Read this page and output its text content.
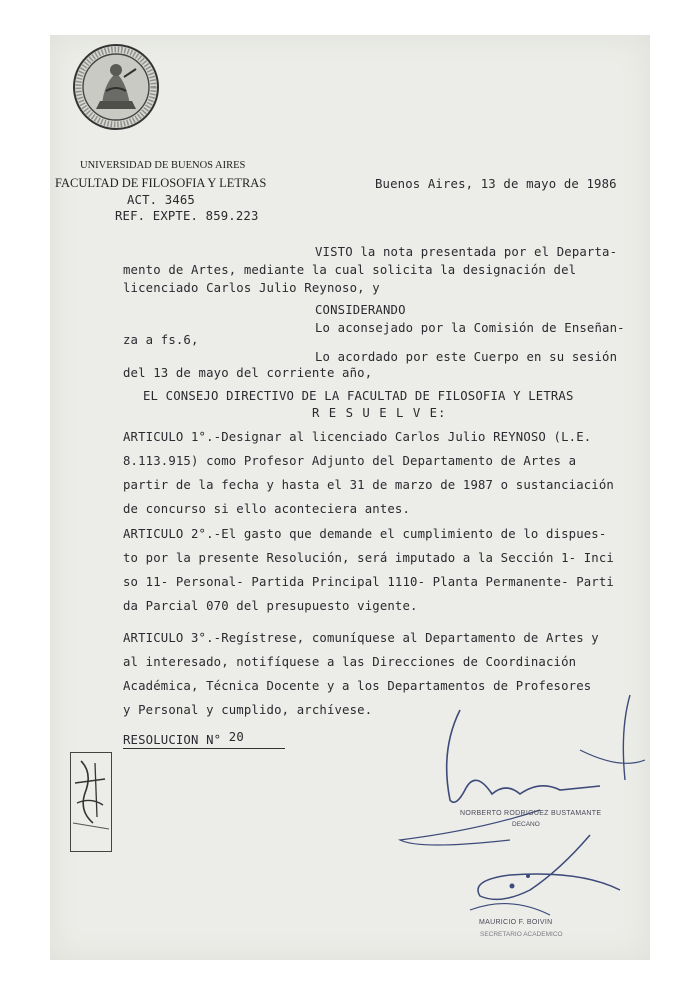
UNIVERSIDAD DE BUENOS AIRES
FACULTAD DE FILOSOFIA Y LETRAS
ACT. 3465
REF. EXPTE. 859.223
Buenos Aires, 13 de mayo de 1986
VISTO la nota presentada por el Departa-
mento de Artes, mediante la cual solicita la designación del
licenciado Carlos Julio Reynoso, y
CONSIDERANDO
Lo aconsejado por la Comisión de Enseñan-
za a fs.6,
Lo acordado por este Cuerpo en su sesión
del 13 de mayo del corriente año,
EL CONSEJO DIRECTIVO DE LA FACULTAD DE FILOSOFIA Y LETRAS
R E S U E L V E:
ARTICULO 1°.-Designar al licenciado Carlos Julio REYNOSO (L.E.
8.113.915) como Profesor Adjunto del Departamento de Artes a
partir de la fecha y hasta el 31 de marzo de 1987 o sustanciación
de concurso si ello aconteciera antes.
ARTICULO 2°.-El gasto que demande el cumplimiento de lo dispues-
to por la presente Resolución, será imputado a la Sección 1- Inci
so 11- Personal- Partida Principal 1110- Planta Permanente- Parti
da Parcial 070 del presupuesto vigente.
ARTICULO 3°.-Regístrese, comuníquese al Departamento de Artes y
al interesado, notifíquese a las Direcciones de Coordinación
Académica, Técnica Docente y a los Departamentos de Profesores
y Personal y cumplido, archívese.
RESOLUCION N° 20
NORBERTO RODRIGUEZ BUSTAMANTE
DECANO
MAURICIO F. BOIVIN
SECRETARIO ACADEMICO
